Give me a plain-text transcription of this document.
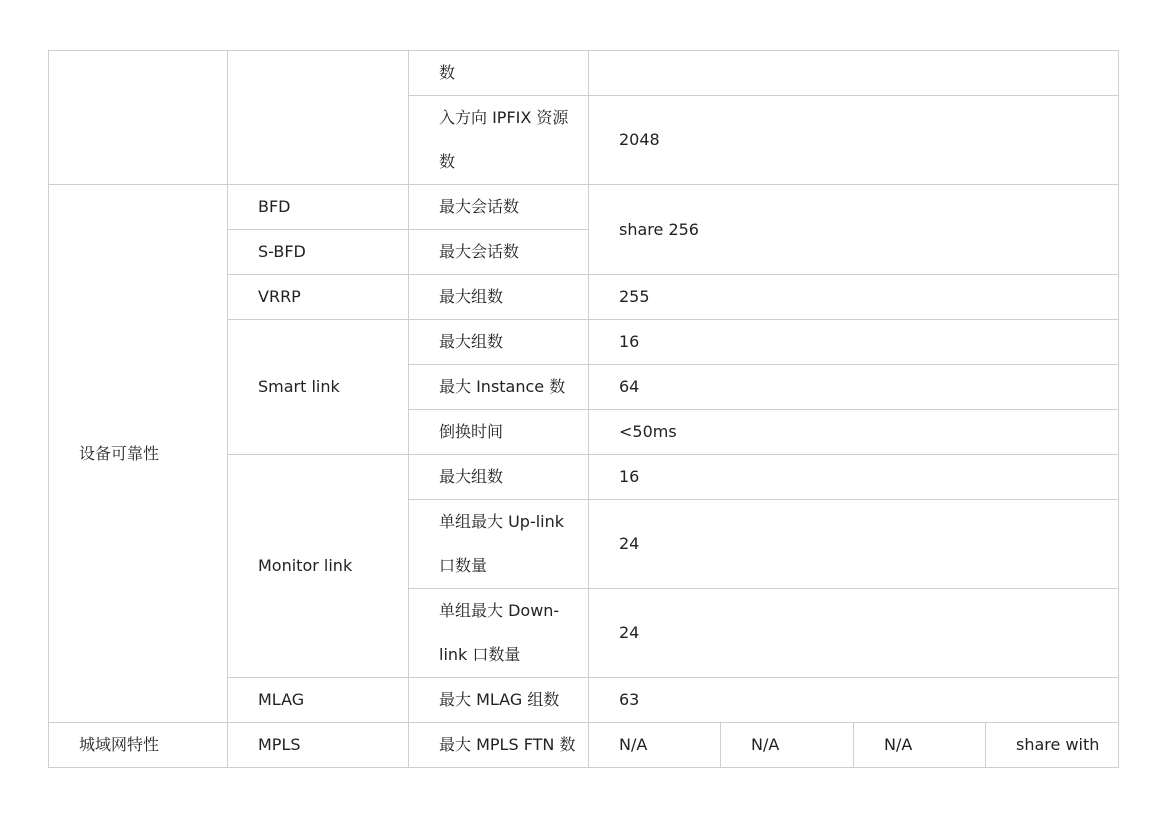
		数				
		入方向 IPFIX 资源数	2048			
设备可靠性	BFD	最大会话数	share 256			
	S-BFD	最大会话数				
	VRRP	最大组数	255			
	Smart link	最大组数	16			
		最大 Instance 数	64			
		倒换时间	<50ms			
	Monitor link	最大组数	16			
		单组最大 Up-link 口数量	24			
		单组最大 Down-link 口数量	24			
	MLAG	最大 MLAG 组数	63			
城域网特性	MPLS	最大 MPLS FTN 数	N/A	N/A	N/A	share with
